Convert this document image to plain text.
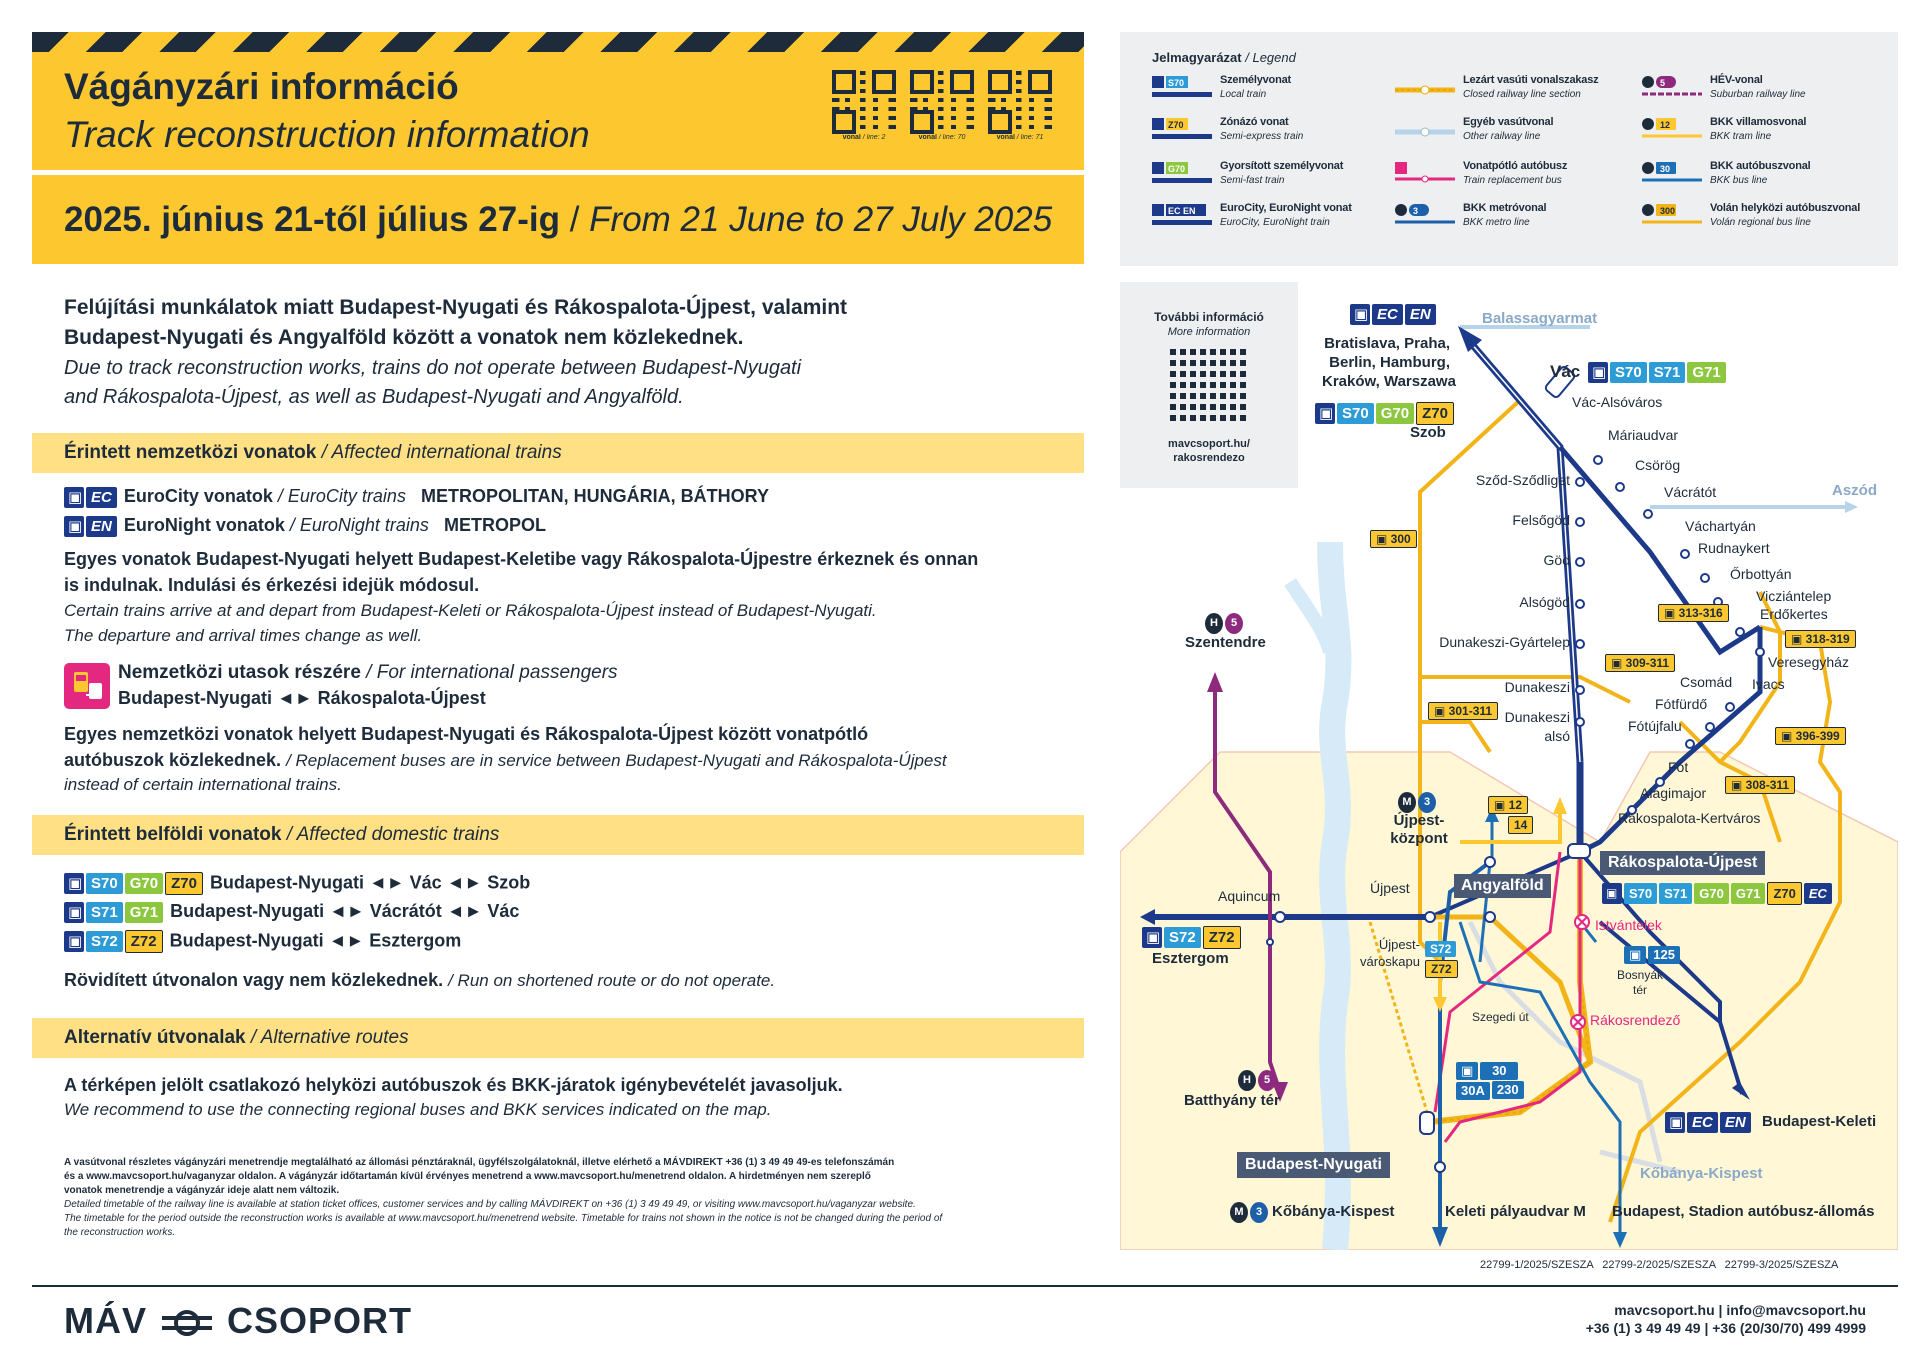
Vágányzári információ
Track reconstruction information
2025. június 21-től július 27-ig / From 21 June to 27 July 2025
vonal / line: 2	vonal / line: 70	vonal / line: 71
Jelmagyarázat / Legend
S70	Személyvonat
Local train
Z70	Zónázó vonat
Semi-express train
G70	Gyorsított személyvonat
Semi-fast train
EC EN EuroCity, EuroNight vonat
EuroCity, EuroNight train
Lezárt vasúti vonalszakasz
Closed railway line section
Egyéb vasútvonal
Other railway line
Vonatpótló autóbusz
Train replacement bus
3	BKK metróvonal
BKK metro line
5	HÉV-vonal
Suburban railway line
12	BKK villamosvonal
BKK tram line
30	BKK autóbuszvonal
BKK bus line
300	Volán helyközi autóbuszvonal
Volán regional bus line
Felújítási munkálatok miatt Budapest-Nyugati és Rákospalota-Újpest, valamint
Budapest-Nyugati és Angyalföld között a vonatok nem közlekednek.
Due to track reconstruction works, trains do not operate between Budapest-Nyugati
and Rákospalota-Újpest, as well as Budapest-Nyugati and Angyalföld.
Érintett nemzetközi vonatok / Affected international trains
▣ EC EuroCity vonatok / EuroCity trains METROPOLITAN, HUNGÁRIA, BÁTHORY
▣ EN EuroNight vonatok / EuroNight trains METROPOL
Egyes vonatok Budapest-Nyugati helyett Budapest-Keletibe vagy Rákospalota-Újpestre érkeznek és onnan
is indulnak. Indulási és érkezési idejük módosul.
Certain trains arrive at and depart from Budapest-Keleti or Rákospalota-Újpest instead of Budapest-Nyugati.
The departure and arrival times change as well.
Nemzetközi utasok részére / For international passengers
Budapest-Nyugati ◄► Rákospalota-Újpest
Egyes nemzetközi vonatok helyett Budapest-Nyugati és Rákospalota-Újpest között vonatpótló
autóbuszok közlekednek. / Replacement buses are in service between Budapest-Nyugati and Rákospalota-Újpest
instead of certain international trains.
Érintett belföldi vonatok / Affected domestic trains
▣ S70 G70 Z70 Budapest-Nyugati ◄► Vác ◄► Szob
▣ S71 G71 Budapest-Nyugati ◄► Vácrátót ◄► Vác
▣ S72 Z72 Budapest-Nyugati ◄► Esztergom
Rövidített útvonalon vagy nem közlekednek. / Run on shortened route or do not operate.
Alternatív útvonalak / Alternative routes
A térképen jelölt csatlakozó helyközi autóbuszok és BKK-járatok igénybevételét javasoljuk.
We recommend to use the connecting regional buses and BKK services indicated on the map.
A vasútvonal részletes vágányzári menetrendje megtalálható az állomási pénztáraknál, ügyfélszolgálatoknál, illetve elérhető a MÁVDIREKT +36 (1) 3 49 49 49-es telefonszámán
és a www.mavcsoport.hu/vaganyzar oldalon. A vágányzár időtartamán kívül érvényes menetrend a www.mavcsoport.hu/menetrend oldalon. A hirdetményen nem szereplő
vonatok menetrendje a vágányzár ideje alatt nem változik.
Detailed timetable of the railway line is available at station ticket offices, customer services and by calling MÁVDIREKT on +36 (1) 3 49 49 49, or visiting www.mavcsoport.hu/vaganyzar website.
The timetable for the period outside the reconstruction works is available at www.mavcsoport.hu/menetrend website. Timetable for trains not shown in the notice is not be changed during the period of
the reconstruction works.
További információ
More information
mavcsoport.hu/
rakosrendezo
Balassagyarmat
▣ EC EN
Bratislava, Praha,
Berlin, Hamburg,
Kraków, Warszawa
▣ S70 G70 Z70
Szob
Vác ▣ S70 S71 G71
Vác-Alsóváros
Máriaudvar
Csörög
Vácrátót	Aszód
Sződ-Sződliget
Felsőgöd
Göd
Alsógöd
Dunakeszi-Gyártelep
Dunakeszi
Dunakeszi
alsó
Váchartyán
Rudnaykert
Őrbottyán
Vicziántelep
Erdőkertes
Veresegyház
Ivacs
Csomád
Fótfürdő
Fótújfalu
Fót
Alagimajor
Rákospalota-Kertváros
▣ 300
▣ 313-316
▣ 318-319
▣ 309-311
▣ 301-311
▣ 396-399
▣ 308-311
H 5
Szentendre
H 5
Batthyány tér
M 3
Újpest-
központ
▣ 12
14
Újpest	Angyalföld
Aquincum
▣ S72 Z72
Esztergom
Újpest-
városkapu
S72
Z72
Rákospalota-Újpest
▣ S70 S71 G70 G71 Z70 EC
Istvántelek
▣ 125
Bosnyák
tér
Szegedi út	Rákosrendező
▣ 30
30A 230
▣ EC EN	Budapest-Keleti
Budapest-Nyugati
Kőbánya-Kispest
M 3 Kőbánya-Kispest	Keleti pályaudvar M Budapest, Stadion autóbusz-állomás
22799-1/2025/SZESZA   22799-2/2025/SZESZA   22799-3/2025/SZESZA
MÁV CSOPORT	mavcsoport.hu | info@mavcsoport.hu
+36 (1) 3 49 49 49 | +36 (20/30/70) 499 4999
